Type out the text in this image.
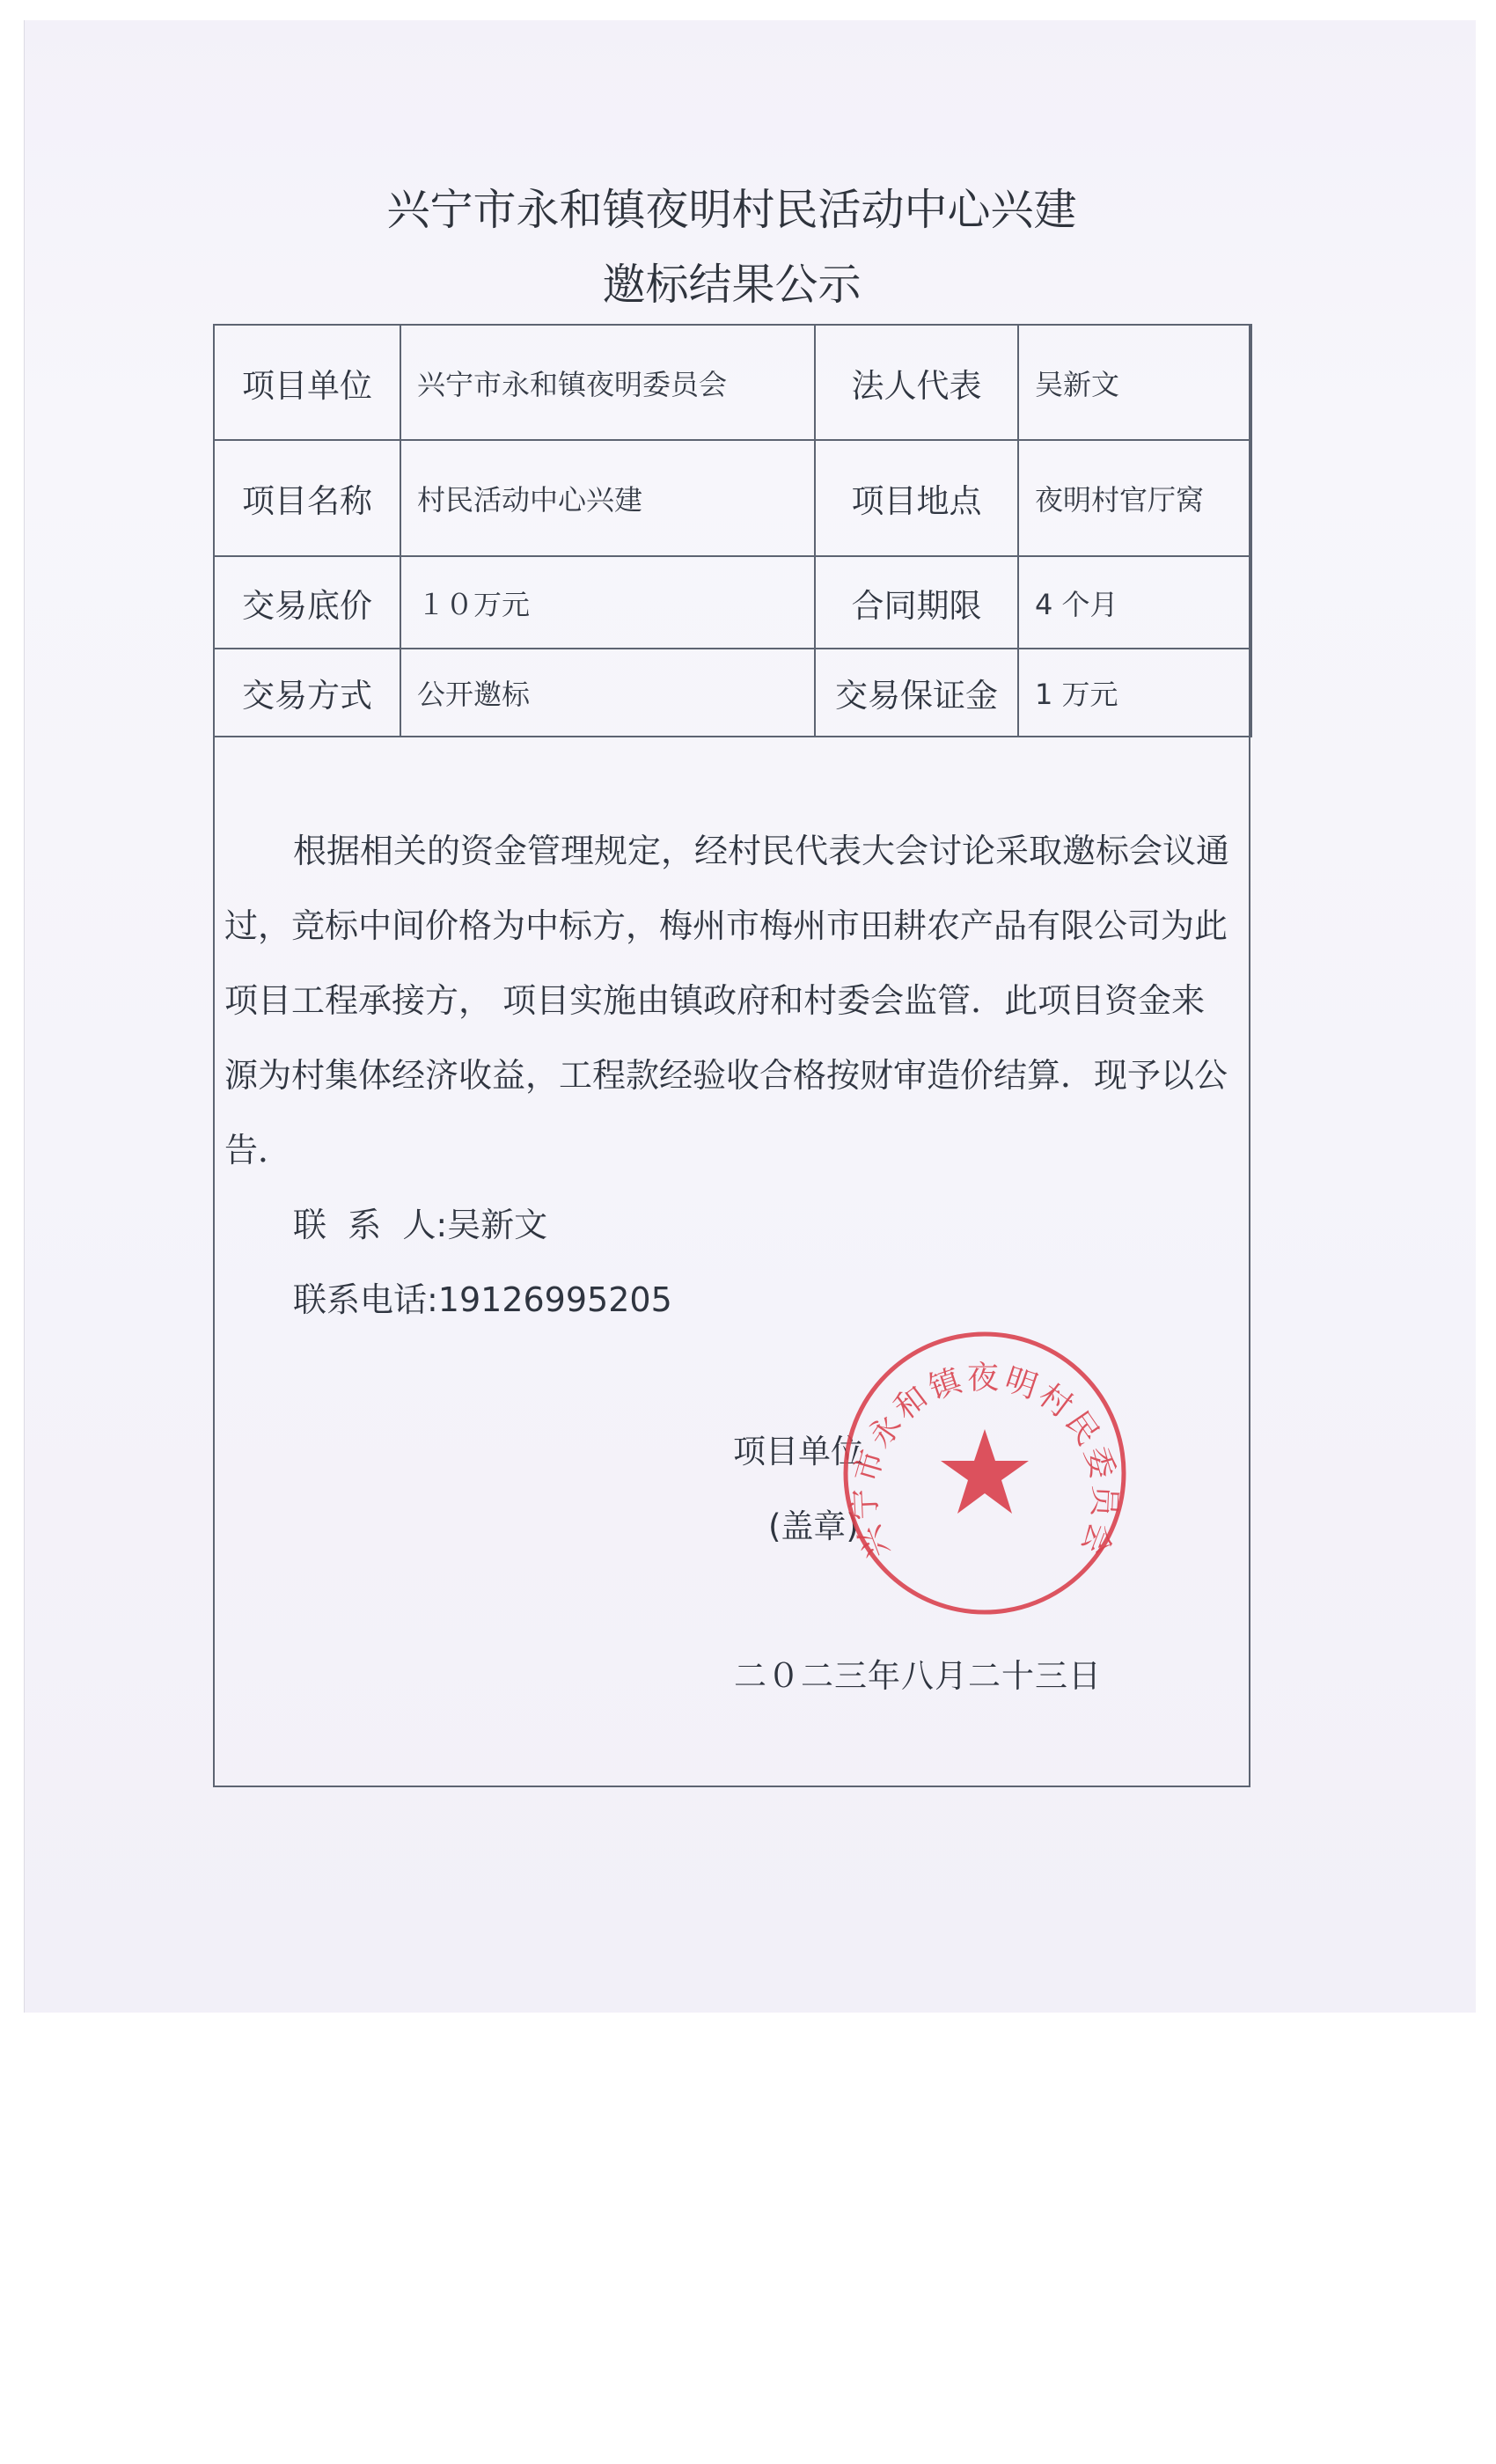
兴宁市永和镇夜明村民活动中心兴建
邀标结果公示
项目单位	兴宁市永和镇夜明委员会	法人代表	吴新文
项目名称	村民活动中心兴建	项目地点	夜明村官厅窝
交易底价	１０万元	合同期限	4 个月
交易方式	公开邀标	交易保证金	1 万元
根据相关的资金管理规定，经村民代表大会讨论采取邀标会议通
过，竞标中间价格为中标方，梅州市梅州市田耕农产品有限公司为此
项目工程承接方， 项目实施由镇政府和村委会监管．此项目资金来
源为村集体经济收益，工程款经验收合格按财审造价结算．现予以公
告．
联  系  人:吴新文
联系电话:19126995205
项目单位
(盖章)
兴宁市永和镇夜明村民委员会
二０二三年八月二十三日
